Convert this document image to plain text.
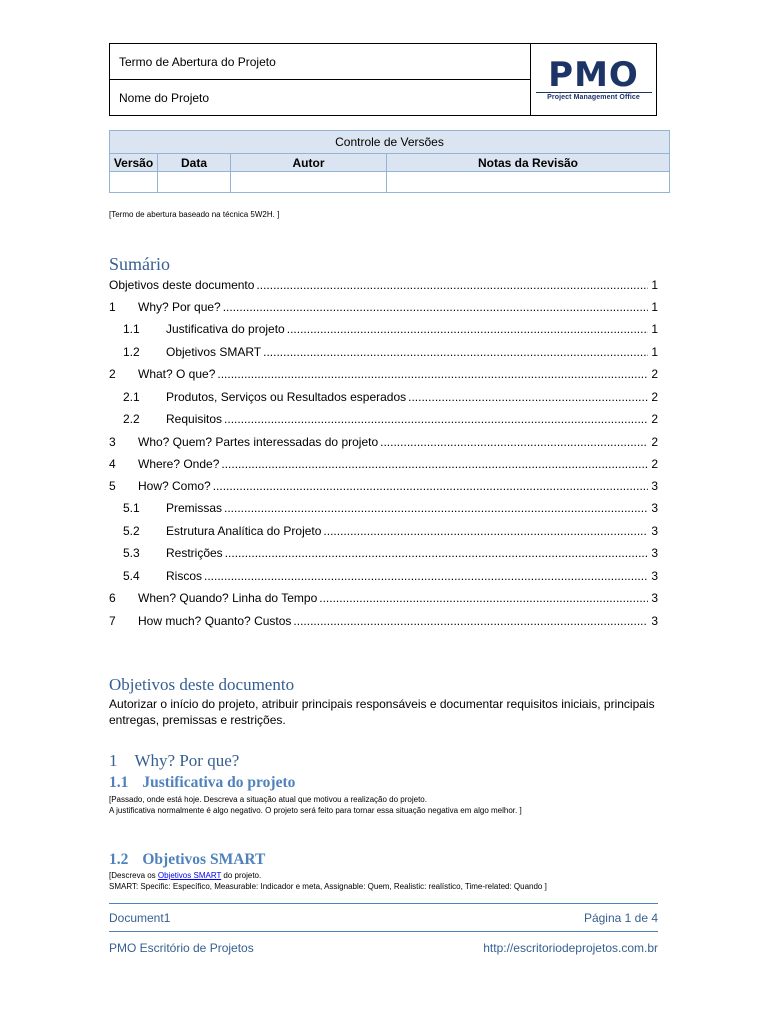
Termo de Abertura do Projeto
Nome do Projeto
PMO
Project Management Office
Controle de Versões			
Versão	Data	Autor	Notas da Revisão

[Termo de abertura baseado na técnica 5W2H. ]
Sumário
Objetivos deste documento .....	1
1	Why? Por que? .....	1
1.1	Justificativa do projeto .....	1
1.2	Objetivos SMART .....	1
2	What? O que? .....	2
2.1	Produtos, Serviços ou Resultados esperados .....	2
2.2	Requisitos .....	2
3	Who? Quem? Partes interessadas do projeto .....	2
4	Where? Onde? .....	2
5	How? Como? .....	3
5.1	Premissas .....	3
5.2	Estrutura Analítica do Projeto .....	3
5.3	Restrições .....	3
5.4	Riscos .....	3
6	When? Quando? Linha do Tempo .....	3
7	How much? Quanto? Custos .....	3
Objetivos deste documento
Autorizar o início do projeto, atribuir principais responsáveis e documentar requisitos iniciais, principais entregas, premissas e restrições.
1 Why? Por que?
1.1 Justificativa do projeto
[Passado, onde está hoje. Descreva a situação atual que motivou a realização do projeto.
A justificativa normalmente é algo negativo. O projeto será feito para tornar essa situação negativa em algo melhor. ]
1.2 Objetivos SMART
[Descreva os Objetivos SMART do projeto.
SMART: Specific: Específico, Measurable: Indicador e meta, Assignable: Quem, Realistic: realístico, Time-related: Quando ]
Document1	Página 1 de 4
PMO Escritório de Projetos	http://escritoriodeprojetos.com.br
